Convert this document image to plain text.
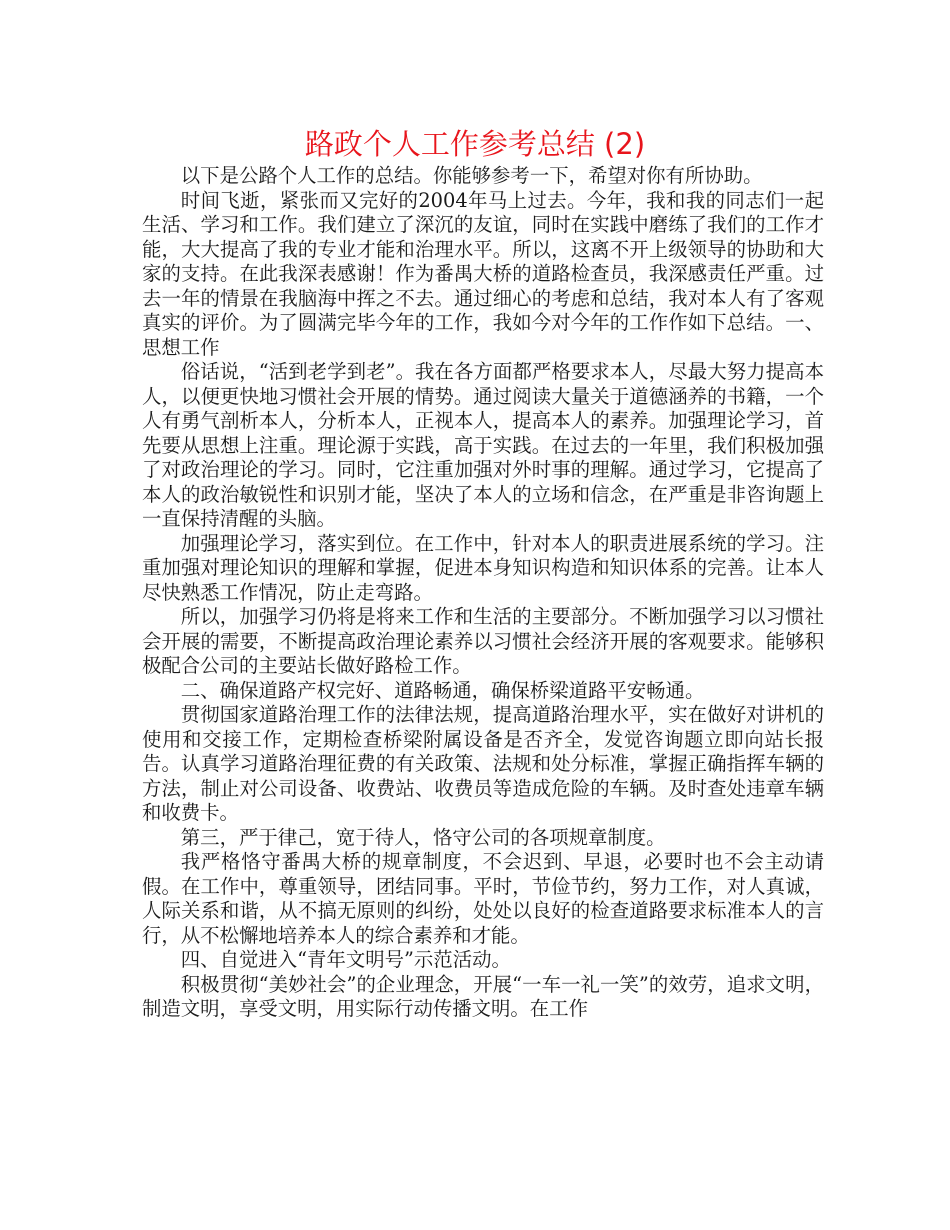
路政个人工作参考总结 (2)

以下是公路个人工作的总结。你能够参考一下，希望对你有所协助。

时间飞逝，紧张而又完好的2004年马上过去。今年，我和我的同志们一起生活、学习和工作。我们建立了深沉的友谊，同时在实践中磨练了我们的工作才能，大大提高了我的专业才能和治理水平。所以，这离不开上级领导的协助和大家的支持。在此我深表感谢！作为番禺大桥的道路检查员，我深感责任严重。过去一年的情景在我脑海中挥之不去。通过细心的考虑和总结，我对本人有了客观真实的评价。为了圆满完毕今年的工作，我如今对今年的工作作如下总结。一、思想工作

俗话说，“活到老学到老”。我在各方面都严格要求本人，尽最大努力提高本人，以便更快地习惯社会开展的情势。通过阅读大量关于道德涵养的书籍，一个人有勇气剖析本人，分析本人，正视本人，提高本人的素养。加强理论学习，首先要从思想上注重。理论源于实践，高于实践。在过去的一年里，我们积极加强了对政治理论的学习。同时，它注重加强对外时事的理解。通过学习，它提高了本人的政治敏锐性和识别才能，坚决了本人的立场和信念，在严重是非咨询题上一直保持清醒的头脑。

加强理论学习，落实到位。在工作中，针对本人的职责进展系统的学习。注重加强对理论知识的理解和掌握，促进本身知识构造和知识体系的完善。让本人尽快熟悉工作情况，防止走弯路。

所以，加强学习仍将是将来工作和生活的主要部分。不断加强学习以习惯社会开展的需要，不断提高政治理论素养以习惯社会经济开展的客观要求。能够积极配合公司的主要站长做好路检工作。

二、确保道路产权完好、道路畅通，确保桥梁道路平安畅通。

贯彻国家道路治理工作的法律法规，提高道路治理水平，实在做好对讲机的使用和交接工作，定期检查桥梁附属设备是否齐全，发觉咨询题立即向站长报告。认真学习道路治理征费的有关政策、法规和处分标准，掌握正确指挥车辆的方法，制止对公司设备、收费站、收费员等造成危险的车辆。及时查处违章车辆和收费卡。

第三，严于律己，宽于待人，恪守公司的各项规章制度。

我严格恪守番禺大桥的规章制度，不会迟到、早退，必要时也不会主动请假。在工作中，尊重领导，团结同事。平时，节俭节约，努力工作，对人真诚，人际关系和谐，从不搞无原则的纠纷，处处以良好的检查道路要求标准本人的言行，从不松懈地培养本人的综合素养和才能。

四、自觉进入“青年文明号”示范活动。

积极贯彻“美妙社会”的企业理念，开展“一车一礼一笑”的效劳，追求文明，制造文明，享受文明，用实际行动传播文明。在工作
